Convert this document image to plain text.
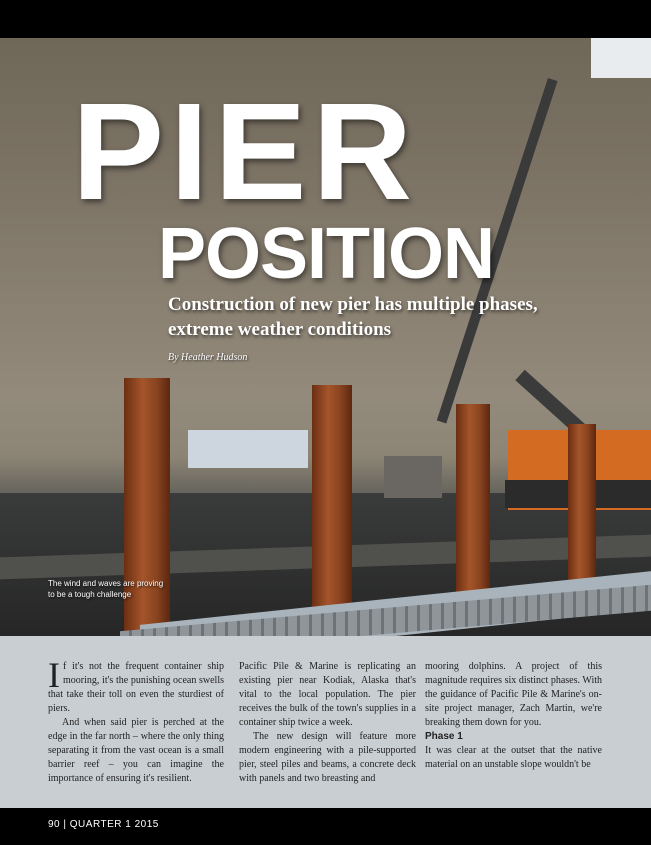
PIER
POSITION
Construction of new pier has multiple phases, extreme weather conditions
By Heather Hudson
The wind and waves are proving to be a tough challenge

If it's not the frequent container ship mooring, it's the punishing ocean swells that take their toll on even the sturdiest of piers.

And when said pier is perched at the edge in the far north – where the only thing separating it from the vast ocean is a small barrier reef – you can imagine the importance of ensuring it's resilient.

Pacific Pile & Marine is replicating an existing pier near Kodiak, Alaska that's vital to the local population. The pier receives the bulk of the town's supplies in a container ship twice a week.

The new design will feature more modern engineering with a pile-supported pier, steel piles and beams, a concrete deck with panels and two breasting and

mooring dolphins. A project of this magnitude requires six distinct phases. With the guidance of Pacific Pile & Marine's on-site project manager, Zach Martin, we're breaking them down for you.

Phase 1

It was clear at the outset that the native material on an unstable slope wouldn't be

90 | QUARTER 1 2015
